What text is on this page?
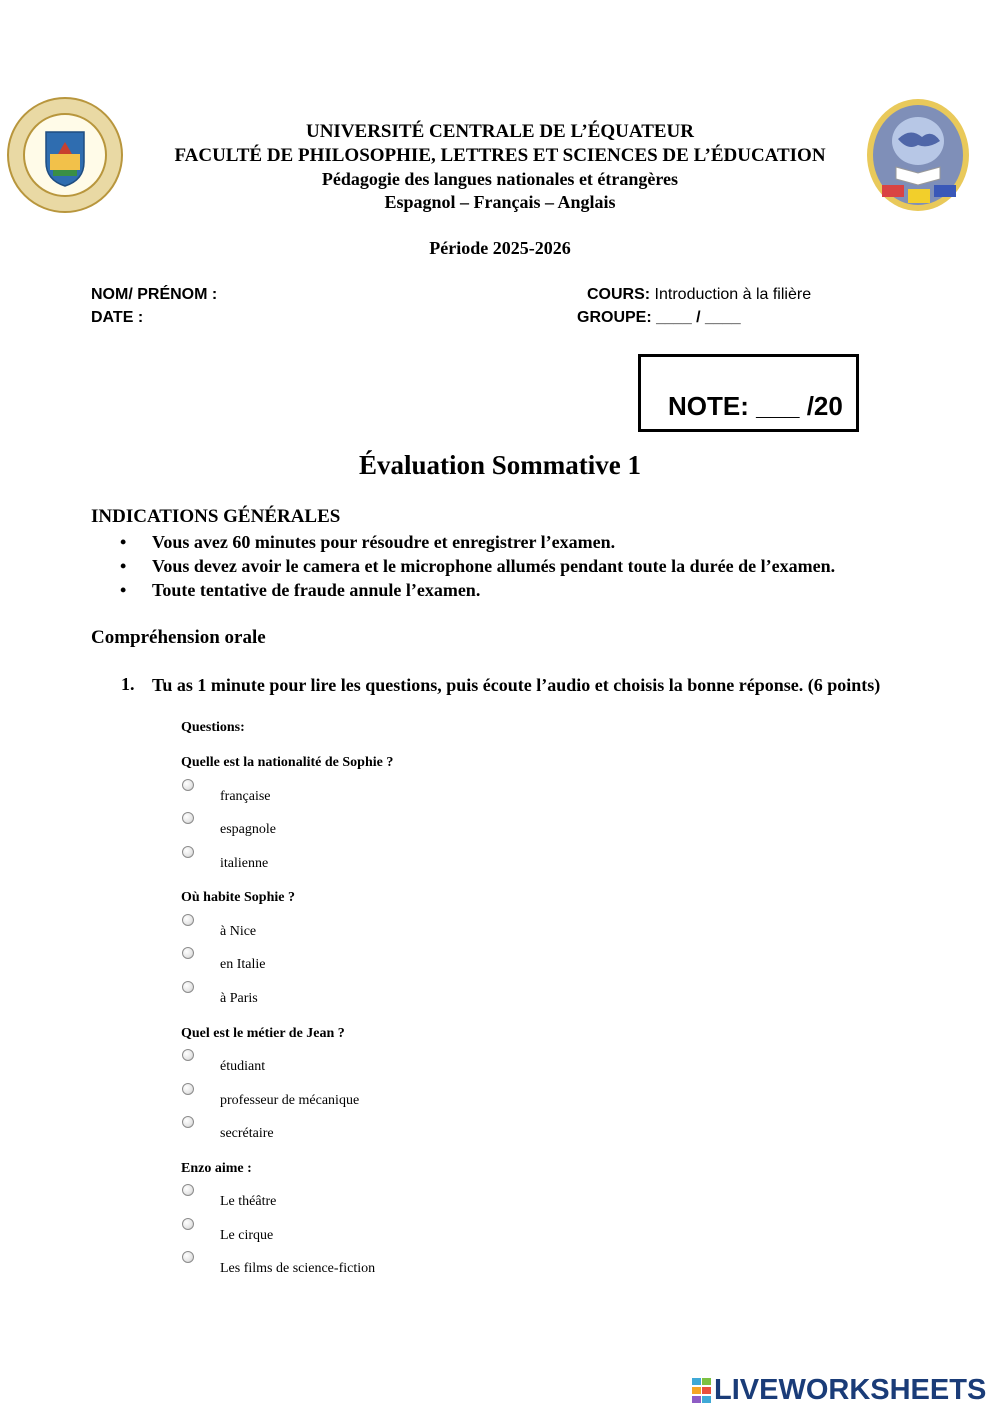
UNIVERSITÉ CENTRALE DE L’ÉQUATEUR
FACULTÉ DE PHILOSOPHIE, LETTRES ET SCIENCES DE L’ÉDUCATION
Pédagogie des langues nationales et étrangères
Espagnol – Français – Anglais
Période 2025-2026
NOM/ PRÉNOM :
DATE :
COURS: Introduction à la filière
GROUPE: ____ / ____
NOTE: ___ /20
Évaluation Sommative 1
INDICATIONS GÉNÉRALES
• Vous avez 60 minutes pour résoudre et enregistrer l’examen.
• Vous devez avoir le camera et le microphone allumés pendant toute la durée de l’examen.
• Toute tentative de fraude annule l’examen.
Compréhension orale
1. Tu as 1 minute pour lire les questions, puis écoute l’audio et choisis la bonne réponse. (6 points)
Questions:
Quelle est la nationalité de Sophie ?
française
espagnole
italienne
Où habite Sophie ?
à Nice
en Italie
à Paris
Quel est le métier de Jean ?
étudiant
professeur de mécanique
secrétaire
Enzo aime :
Le théâtre
Le cirque
Les films de science-fiction
LIVEWORKSHEETS
